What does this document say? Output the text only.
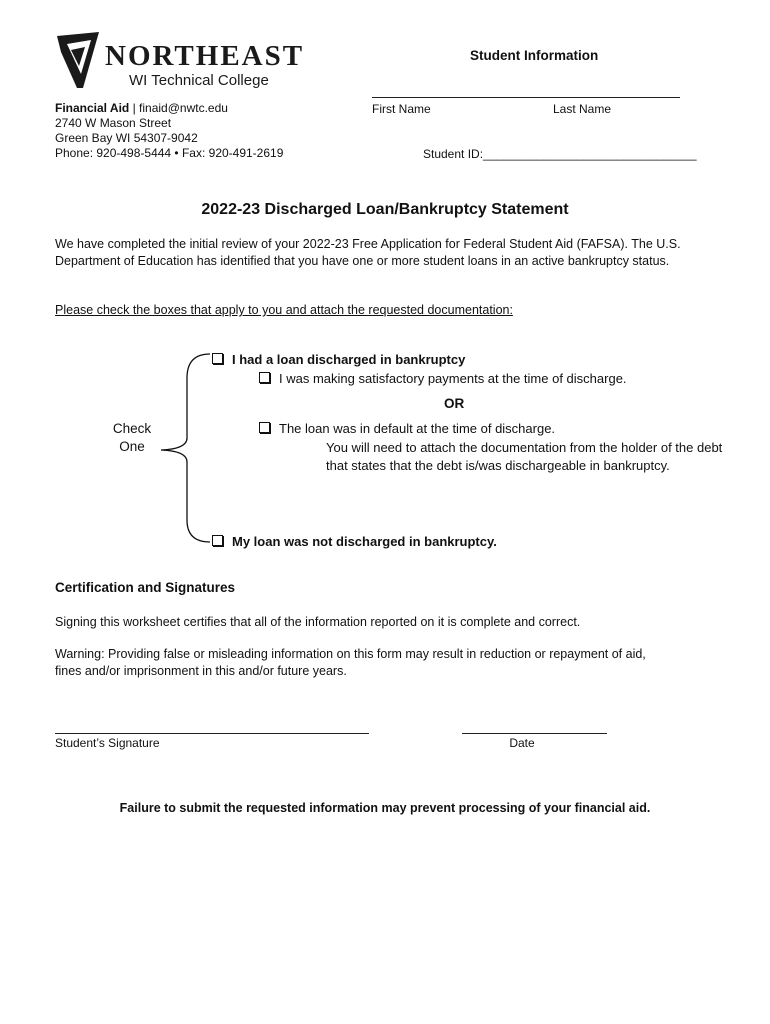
NORTHEAST
WI Technical College
Financial Aid | finaid@nwtc.edu
2740 W Mason Street
Green Bay WI 54307-9042
Phone: 920-498-5444 • Fax: 920-491-2619
Student Information
First Name	Last Name
Student ID:________________________________
2022-23 Discharged Loan/Bankruptcy Statement
We have completed the initial review of your 2022-23 Free Application for Federal Student Aid (FAFSA). The U.S. Department of Education has identified that you have one or more student loans in an active bankruptcy status.
Please check the boxes that apply to you and attach the requested documentation:
Check
One
I had a loan discharged in bankruptcy
I was making satisfactory payments at the time of discharge.
OR
The loan was in default at the time of discharge.
You will need to attach the documentation from the holder of the debt
that states that the debt is/was dischargeable in bankruptcy.
My loan was not discharged in bankruptcy.
Certification and Signatures
Signing this worksheet certifies that all of the information reported on it is complete and correct.
Warning: Providing false or misleading information on this form may result in reduction or repayment of aid, fines and/or imprisonment in this and/or future years.
Student’s Signature	Date
Failure to submit the requested information may prevent processing of your financial aid.
